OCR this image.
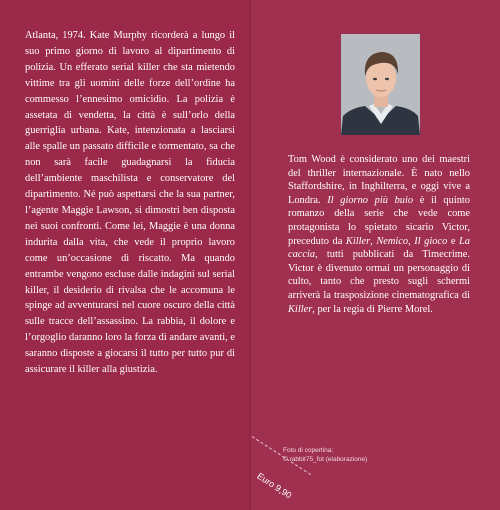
Atlanta, 1974. Kate Murphy ricorderà a lungo il suo primo giorno di lavoro al dipartimento di polizia. Un efferato serial killer che sta mietendo vittime tra gli uomini delle forze dell’ordine ha commesso l’ennesimo omicidio. La polizia è assetata di vendetta, la città è sull’orlo della guerriglia urbana. Kate, intenzionata a lasciarsi alle spalle un passato difficile e tormentato, sa che non sarà facile guadagnarsi la fiducia dell’ambiente maschilista e conservatore del dipartimento. Né può aspettarsi che la sua partner, l’agente Maggie Lawson, si dimostri ben disposta nei suoi confronti. Come lei, Maggie è una donna indurita dalla vita, che vede il proprio lavoro come un’occasione di riscatto. Ma quando entrambe vengono escluse dalle indagini sul serial killer, il desiderio di rivalsa che le accomuna le spinge ad avventurarsi nel cuore oscuro della città sulle tracce dell’assassino. La rabbia, il dolore e l’orgoglio daranno loro la forza di andare avanti, e saranno disposte a giocarsi il tutto per tutto pur di assicurare il killer alla giustizia.

Tom Wood è considerato uno dei maestri del thriller internazionale. È nato nello Staffordshire, in Inghilterra, e oggi vive a Londra. Il giorno più buio è il quinto romanzo della serie che vede come protagonista lo spietato sicario Victor, preceduto da Killer, Nemico, Il gioco e La caccia, tutti pubblicati da Timecrime. Victor è divenuto ormai un personaggio di culto, tanto che presto sugli schermi arriverà la trasposizione cinematografica di Killer, per la regia di Pierre Morel.

Foto di copertina:
© rabbit75_fot (elaborazione)
Euro 9,90
